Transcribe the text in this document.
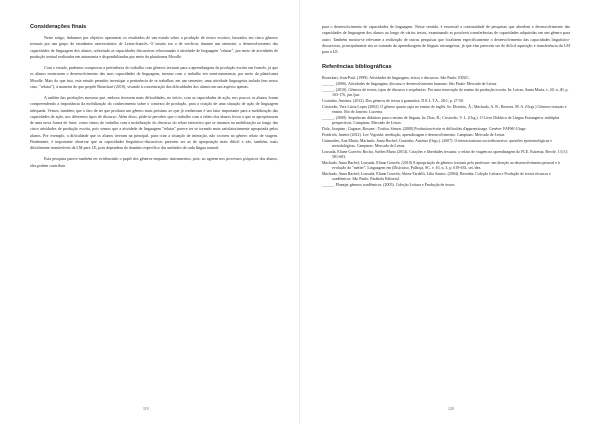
Considerações finais

Neste artigo, tínhamos por objetivo apresentar os resultados de um estudo sobre a produção de textos escritos, baseados em cinco gêneros textuais por um grupo de estudantes universitários de Letras-francês. O intuito era o de verificar, durante um semestre, o desenvolvimento das capacidades de linguagem dos alunos, sobretudo as capacidades discursivas relacionadas à atividade de linguagem "relatar", por meio de atividades de produção textual realizadas em autonomia e disponibilizadas por meio da plataforma Moodle.

Com o estudo, pudemos comprovar a pertinência do trabalho com gêneros textuais para a aprendizagem da produção escrita em francês, já que os alunos mostraram o desenvolvimento das suas capacidades de linguagem, mesmo com o trabalho em semi-autonomia, por meio da plataforma Moodle. Mais do que isso, este estudo permitiu investigar a pertinência de se trabalhar, em um semestre, uma atividade linguageira isolada (em nosso caso, "relatar"), à maneira do que propõe Bronckart (2010), visando à concentração das dificuldades dos alunos em um aspecto apenas.

A análise das produções mostrou que, embora tivessem mais dificuldades, no início, com as capacidades de ação, nos poucos os alunos foram compreendendo a importância da mobilização do conhecimento sobre o contexto de produção, para a criação de uma situação de ação de linguagem adequada. Vemos, também, que o fato de ter que produzir um gênero mais próximo ao que já conheciam é um fator importante para a mobilização das capacidades de ação, nos diferentes tipos de discurso. Além disso, pôde-se perceber que o trabalho com o relato dos alunos levou a que se apropriassem de uma nova forma de fazer, como vimos do trabalho com a mobilização do discurso do relato interativo que se instaura na mobilização ao longo das cinco atividades de produção escrita, pois vemos que a atividade de linguagem "relatar" parece ter se tornado mais satisfatoriamente apropriada pelos alunos. Por exemplo, a dificuldade que os alunos tiveram na principal, para criar a situação de interação, não ocorreu no gênero relato de viagem. Finalmente, é importante observar que as capacidades linguístico-discursivas parecem ser as de apropriação mais difícil e são, também, mais dificilmente transferíveis da LM para LE, pois dependem do domínio específico das unidades de cada língua natural.

Esta pesquisa parece também ter evidenciado o papel dos gêneros enquanto instrumentos, pois, ao agirem nos processos psíquicos dos alunos, eles podem contribuir

119

para o desenvolvimento de capacidades de linguagem. Nesse sentido, é essencial a continuidade de pesquisas que abordem o desenvolvimento das capacidades de linguagem dos alunos ao longo de vários textos, examinando as possíveis transferências de capacidades adquiridas em um gênero para outro. Também mostra-se relevante a realização de outras pesquisas que focalizem especificamente o desenvolvimento das capacidades linguístico-discursivas, principalmente em se tratando da aprendizagem de línguas estrangeiras, já que elas parecem ser de difícil aquisição e transferência da LM para a LE.

Referências bibliográficas
Bronckart, Jean-Paul. (1999). Atividades de linguagem, textos e discursos. São Paulo: EDUC.
______. (2006). Atividades de linguagem, discurso e desenvolvimento humano. São Paulo: Mercado de Letras.
______. (2010). Gêneros de textos, tipos de discurso e sequências. Por uma renovação do ensino da produção escrita. In: Letras, Santa Maria, v. 20, n. 40, p. 163-176, jun./jun.
Coutinho, Antónia. (2012). Dos géneros de textos à gramática. D.E.L.T.A., 28:1, p. 27-50.
Cristovão, Vera Lúcia Lopes (2002). O gênero quarta capa no ensino de inglês. In: Dionísio, Â.; Machado, A. R.; Bezerra, M. A. (Orgs.) Gêneros textuais e ensino. Rio de Janeiro: Lucerna.
______. (2009). Sequências didáticas para o ensino de línguas. In: Dias, R.; Cristovão, V. L. (Org.). O Livro Didático de Língua Estrangeira: múltiplas perspectivas. Campinas: Mercado de Letras.
Dolz, Joaquim ; Gagnon, Roxane ; Toulou, Simon. (2008) Production écrite et difficultés d'apprentissage. Genève: FAPSE-Uíage.
Friedrich, Janette (2012). Lev Vigotski: mediação, aprendizagem e desenvolvimento. Campinas: Mercado de Letras.
Guimarães, Ana Maria; Machado, Anna Rachel; Coutinho, Antónia (Orgs.). (2007). O interacionismo sociodiscursivo: questões epistemológicas e metodológicas. Campinas: Mercado de Letras.
Lousada, Eliane Gouvêa; Rocha, Suélen Maria (2014). Criações e liberdades textuais: o relato de viagem na aprendizagem do FLE. Eutomia, Recife, 13 (1): 581-603.
Machado, Anna Rachel; Lousada, Eliane Gouvêa. (2010) A apropriação de gêneros textuais pelo professor: em direção ao desenvolvimento pessoal e à evolução do "métier". Linguagem em (Dis)curso, Palhoça, SC, v. 10, n. 3, p. 619-633, set./dez.
Machado, Anna Rachel; Lousada, Eliane Gouvêa; Abreu-Tardelli, Lília Santos. (2004). Resenha. Coleção Leitura e Produção de textos técnicos e acadêmicos. São Paulo: Parábola Editorial.
______. Planejar gêneros acadêmicos. (2005). Coleção Leitura e Produção de textos
120
